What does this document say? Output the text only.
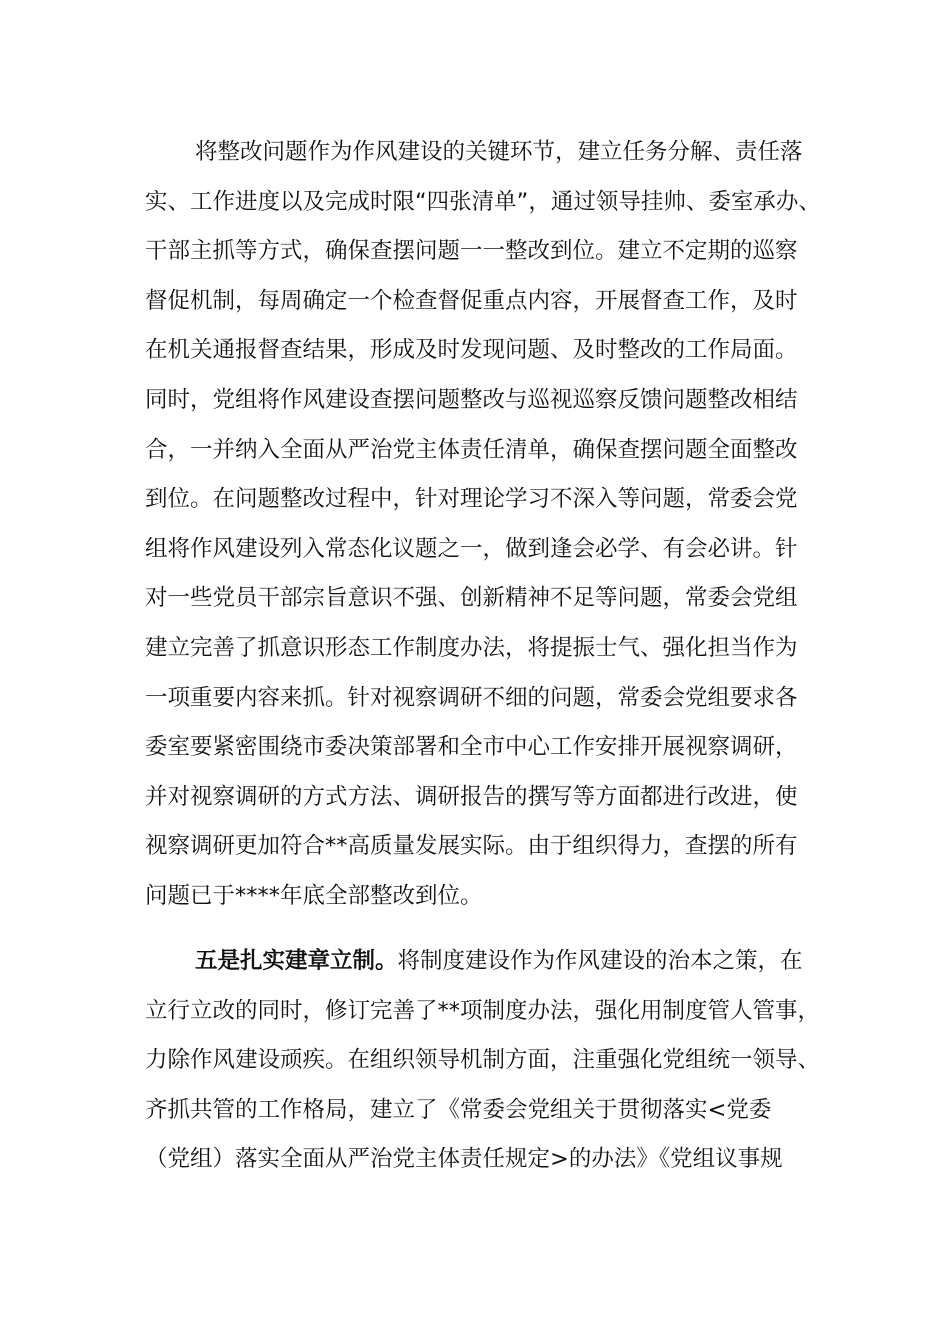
将整改问题作为作风建设的关键环节，建立任务分解、责任落
实、工作进度以及完成时限“四张清单”，通过领导挂帅、委室承办、
干部主抓等方式，确保查摆问题一一整改到位。建立不定期的巡察
督促机制，每周确定一个检查督促重点内容，开展督查工作，及时
在机关通报督查结果，形成及时发现问题、及时整改的工作局面。
同时，党组将作风建设查摆问题整改与巡视巡察反馈问题整改相结
合，一并纳入全面从严治党主体责任清单，确保查摆问题全面整改
到位。在问题整改过程中，针对理论学习不深入等问题，常委会党
组将作风建设列入常态化议题之一，做到逢会必学、有会必讲。针
对一些党员干部宗旨意识不强、创新精神不足等问题，常委会党组
建立完善了抓意识形态工作制度办法，将提振士气、强化担当作为
一项重要内容来抓。针对视察调研不细的问题，常委会党组要求各
委室要紧密围绕市委决策部署和全市中心工作安排开展视察调研，
并对视察调研的方式方法、调研报告的撰写等方面都进行改进，使
视察调研更加符合**高质量发展实际。由于组织得力，查摆的所有
问题已于****年底全部整改到位。
五是扎实建章立制。将制度建设作为作风建设的治本之策，在
立行立改的同时，修订完善了**项制度办法，强化用制度管人管事，
力除作风建设顽疾。在组织领导机制方面，注重强化党组统一领导、
齐抓共管的工作格局，建立了《常委会党组关于贯彻落实<党委
（党组）落实全面从严治党主体责任规定>的办法》《党组议事规
